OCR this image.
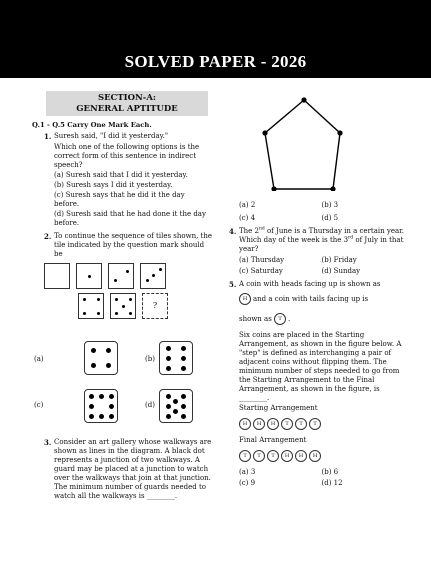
SOLVED PAPER - 2026
SECTION-A:
GENERAL APTITUDE
Q.1 - Q.5 Carry One Mark Each.
1. Suresh said, "I did it yesterday."

Which one of the following options is the correct form of this sentence in indirect speech?

(a) Suresh said that I did it yesterday.

(b) Suresh says I did it yesterday.

(c) Suresh says that he did it the day before.

(d) Suresh said that he had done it the day before.

2. To continue the sequence of tiles shown, the tile indicated by the question mark should be

?
(a)	(b)
(c)	(d)
3. Consider an art gallery whose walkways are shown as lines in the diagram. A black dot represents a junction of two walkways. A guard may be placed at a junction to watch over the walkways that join at that junction. The minimum number of guards needed to watch all the walkways is ________.

(a) 2	(b) 3
(c) 4	(d) 5
4. The 2nd of June is a Thursday in a certain year. Which day of the week is the 3rd of July in that year?

(a) Thursday	(b) Friday
(c) Saturday	(d) Sunday
5. A coin with heads facing up is shown as

H and a coin with tails facing up is

shown as T .

Six coins are placed in the Starting Arrangement, as shown in the figure below. A "step" is defined as interchanging a pair of adjacent coins without flipping them. The minimum number of steps needed to go from the Starting Arrangement to the Final Arrangement, as shown in the figure, is ________.

Starting Arrangement

H H H T T T

Final Arrangement

T T T H H H
(a) 3	(b) 6
(c) 9	(d) 12
